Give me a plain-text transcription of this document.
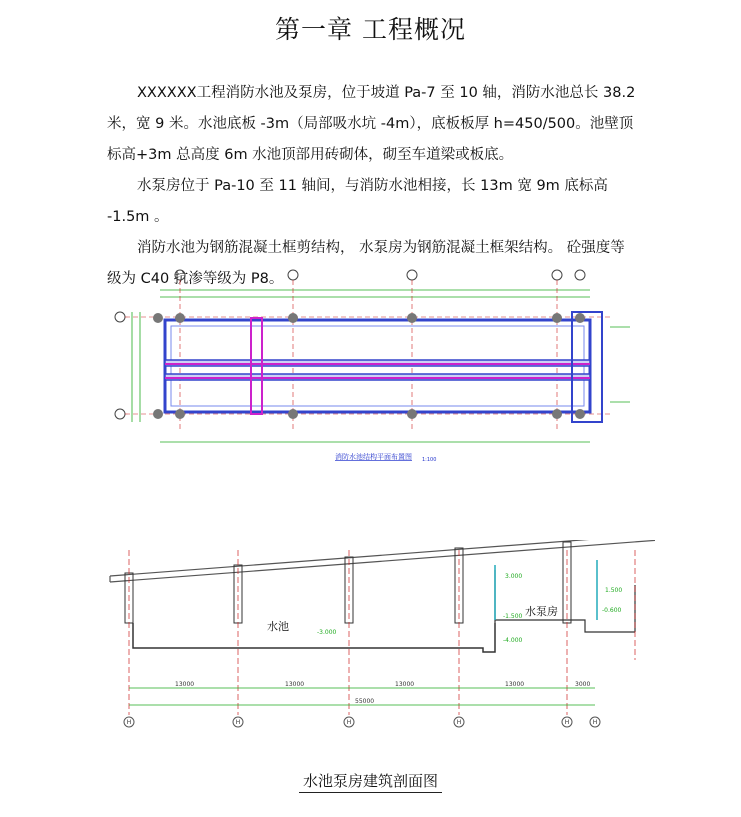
第一章 工程概况

XXXXXX工程消防水池及泵房，位于坡道 Pa-7 至 10 轴，消防水池总长 38.2 米，宽 9 米。水池底板 -3m（局部吸水坑 -4m），底板板厚 h=450/500。池壁顶标高+3m 总高度 6m 水池顶部用砖砌体，砌至车道梁或板底。

水泵房位于 Pa-10 至 11 轴间，与消防水池相接，长 13m 宽 9m 底标高 -1.5m 。

消防水池为钢筋混凝土框剪结构， 水泵房为钢筋混凝土框架结构。 砼强度等级为 C40 抗渗等级为 P8。

消防水池结构平面布置图 1:100
水池
水泵房
-3.000
3.000
1.500
-1.500
-0.600
-4.000
13000	13000	13000	13000	3000
55000
H	H	H	H	H	H
水池泵房建筑剖面图
